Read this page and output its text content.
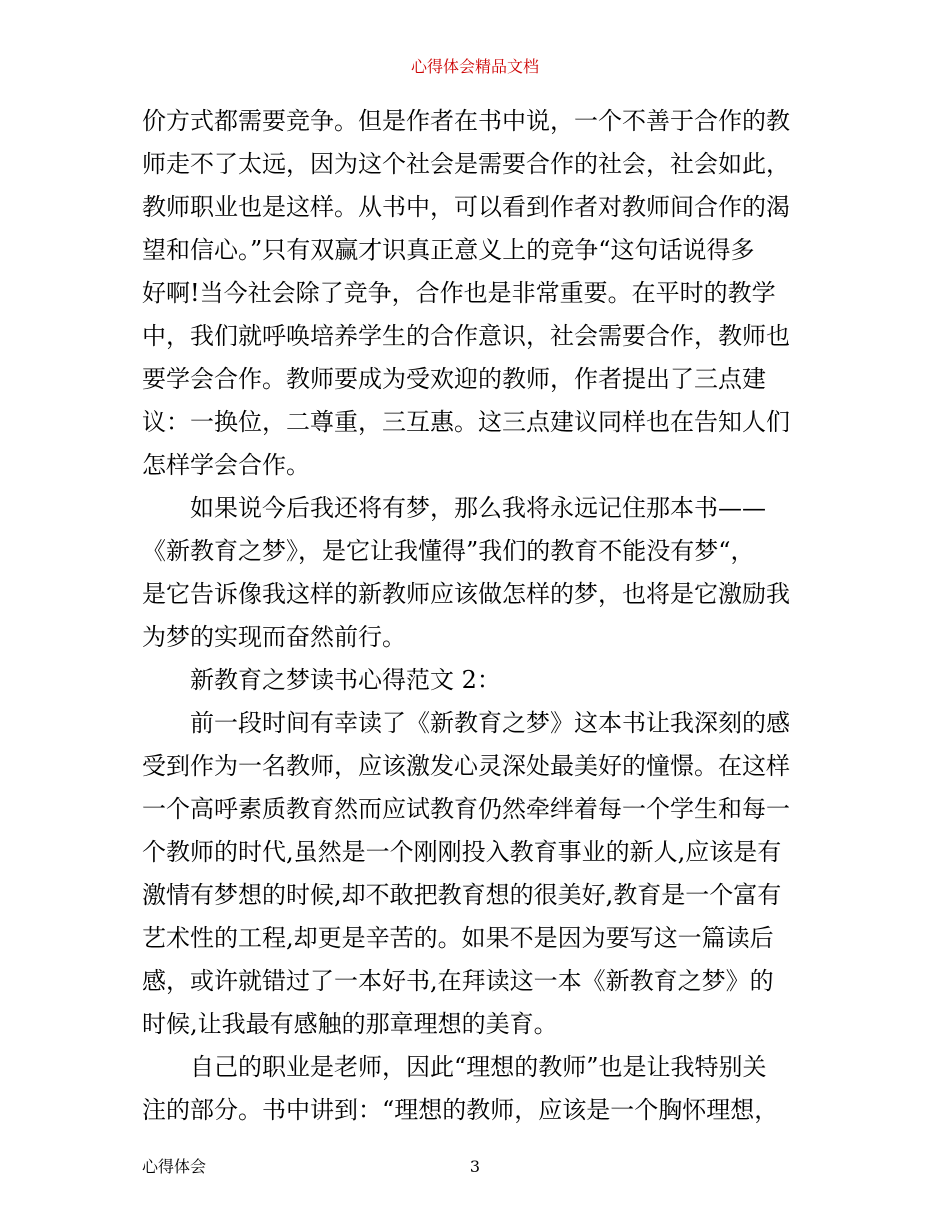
心得体会精品文档
价方式都需要竞争。但是作者在书中说，一个不善于合作的教
师走不了太远，因为这个社会是需要合作的社会，社会如此，
教师职业也是这样。从书中，可以看到作者对教师间合作的渴
望和信心。”只有双赢才识真正意义上的竞争“这句话说得多
好啊!当今社会除了竞争，合作也是非常重要。在平时的教学
中，我们就呼唤培养学生的合作意识，社会需要合作，教师也
要学会合作。教师要成为受欢迎的教师，作者提出了三点建
议：一换位，二尊重，三互惠。这三点建议同样也在告知人们
怎样学会合作。
如果说今后我还将有梦，那么我将永远记住那本书——
《新教育之梦》，是它让我懂得”我们的教育不能没有梦“，
是它告诉像我这样的新教师应该做怎样的梦，也将是它激励我
为梦的实现而奋然前行。
新教育之梦读书心得范文 2：
前一段时间有幸读了《新教育之梦》这本书让我深刻的感
受到作为一名教师，应该激发心灵深处最美好的憧憬。在这样
一个高呼素质教育然而应试教育仍然牵绊着每一个学生和每一
个教师的时代,虽然是一个刚刚投入教育事业的新人,应该是有
激情有梦想的时候,却不敢把教育想的很美好,教育是一个富有
艺术性的工程,却更是辛苦的。如果不是因为要写这一篇读后
感，或许就错过了一本好书,在拜读这一本《新教育之梦》的
时候,让我最有感触的那章理想的美育。
自己的职业是老师，因此“理想的教师”也是让我特别关
注的部分。书中讲到：“理想的教师，应该是一个胸怀理想，
心得体会	3
